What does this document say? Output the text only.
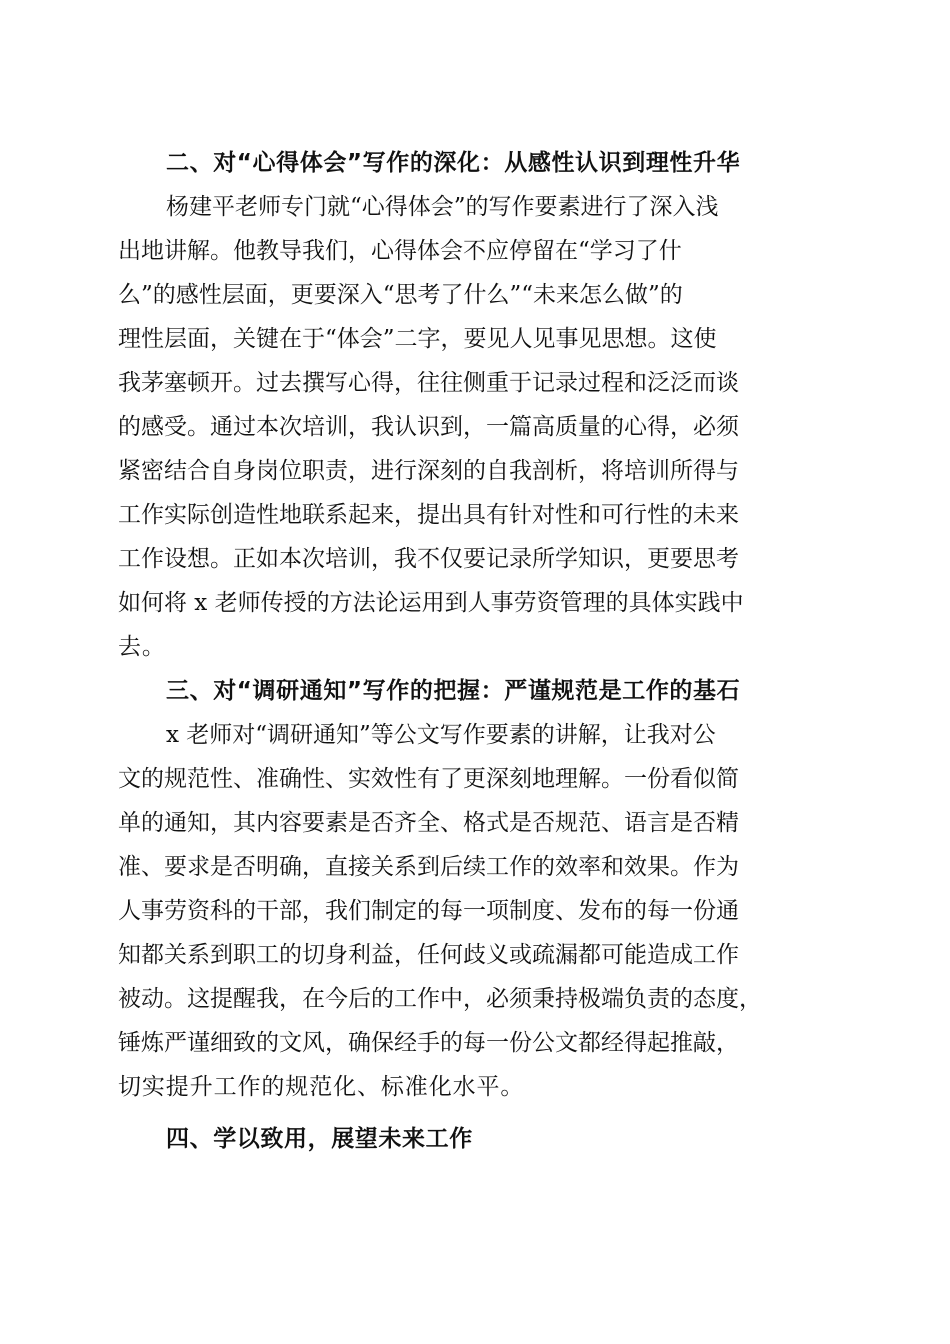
二、对“心得体会”写作的深化：从感性认识到理性升华
杨建平老师专门就“心得体会”的写作要素进行了深入浅
出地讲解。他教导我们，心得体会不应停留在“学习了什
么”的感性层面，更要深入“思考了什么”“未来怎么做”的
理性层面，关键在于“体会”二字，要见人见事见思想。这使
我茅塞顿开。过去撰写心得，往往侧重于记录过程和泛泛而谈
的感受。通过本次培训，我认识到，一篇高质量的心得，必须
紧密结合自身岗位职责，进行深刻的自我剖析，将培训所得与
工作实际创造性地联系起来，提出具有针对性和可行性的未来
工作设想。正如本次培训，我不仅要记录所学知识，更要思考
如何将 x 老师传授的方法论运用到人事劳资管理的具体实践中
去。
三、对“调研通知”写作的把握：严谨规范是工作的基石
x 老师对“调研通知”等公文写作要素的讲解，让我对公
文的规范性、准确性、实效性有了更深刻地理解。一份看似简
单的通知，其内容要素是否齐全、格式是否规范、语言是否精
准、要求是否明确，直接关系到后续工作的效率和效果。作为
人事劳资科的干部，我们制定的每一项制度、发布的每一份通
知都关系到职工的切身利益，任何歧义或疏漏都可能造成工作
被动。这提醒我，在今后的工作中，必须秉持极端负责的态度，
锤炼严谨细致的文风，确保经手的每一份公文都经得起推敲，
切实提升工作的规范化、标准化水平。
四、学以致用，展望未来工作
